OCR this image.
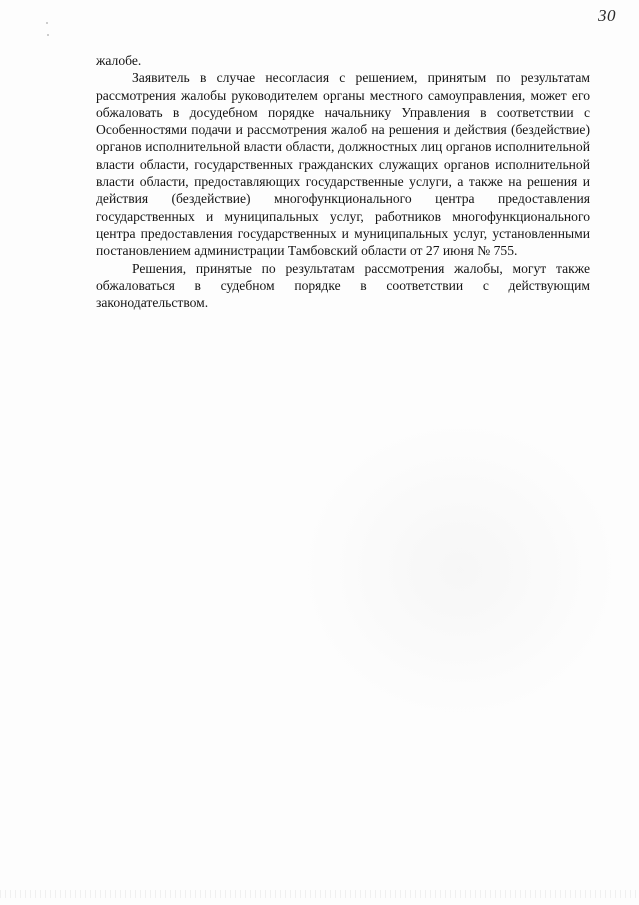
30

жалобе.

Заявитель в случае несогласия с решением, принятым по результатам рассмотрения жалобы руководителем органы местного самоуправления, может его обжаловать в досудебном порядке начальнику Управления в соответствии с Особенностями подачи и рассмотрения жалоб на решения и действия (бездействие) органов исполнительной власти области, должностных лиц органов исполнительной власти области, государственных гражданских служащих органов исполнительной власти области, предоставляющих государственные услуги, а также на решения и действия (бездействие) многофункционального центра предоставления государственных и муниципальных услуг, работников многофункционального центра предоставления государственных и муниципальных услуг, установленными постановлением администрации Тамбовский области от 27 июня № 755.

Решения, принятые по результатам рассмотрения жалобы, могут также обжаловаться в судебном порядке в соответствии с действующим законодательством.
